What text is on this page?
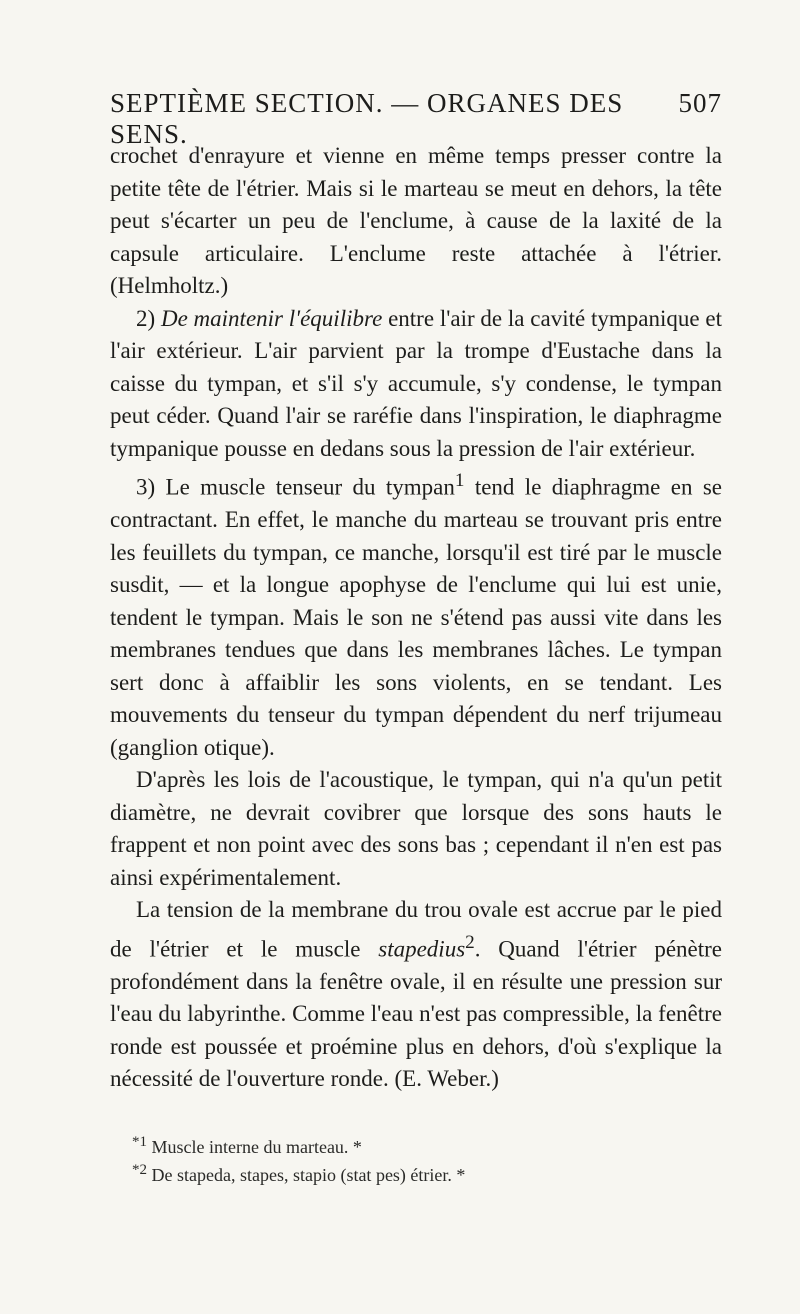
SEPTIÈME SECTION. — ORGANES DES SENS.
507

crochet d'enrayure et vienne en même temps presser contre la petite tête de l'étrier. Mais si le marteau se meut en dehors, la tête peut s'écarter un peu de l'enclume, à cause de la laxité de la capsule articulaire. L'enclume reste attachée à l'étrier. (Helmholtz.)

2) De maintenir l'équilibre entre l'air de la cavité tympanique et l'air extérieur. L'air parvient par la trompe d'Eustache dans la caisse du tympan, et s'il s'y accumule, s'y condense, le tympan peut céder. Quand l'air se raréfie dans l'inspiration, le diaphragme tympanique pousse en dedans sous la pression de l'air extérieur.

3) Le muscle tenseur du tympan$^1$ tend le diaphragme en se contractant. En effet, le manche du marteau se trouvant pris entre les feuillets du tympan, ce manche, lorsqu'il est tiré par le muscle susdit, — et la longue apophyse de l'enclume qui lui est unie, tendent le tympan. Mais le son ne s'étend pas aussi vite dans les membranes tendues que dans les membranes lâches. Le tympan sert donc à affaiblir les sons violents, en se tendant. Les mouvements du tenseur du tympan dépendent du nerf trijumeau (ganglion otique).

D'après les lois de l'acoustique, le tympan, qui n'a qu'un petit diamètre, ne devrait covibrer que lorsque des sons hauts le frappent et non point avec des sons bas ; cependant il n'en est pas ainsi expérimentalement.

La tension de la membrane du trou ovale est accrue par le pied de l'étrier et le muscle stapedius$^2$. Quand l'étrier pénètre profondément dans la fenêtre ovale, il en résulte une pression sur l'eau du labyrinthe. Comme l'eau n'est pas compressible, la fenêtre ronde est poussée et proémine plus en dehors, d'où s'explique la nécessité de l'ouverture ronde. (E. Weber.)

$^{*1}$ Muscle interne du marteau. *
$^{*2}$ De stapeda, stapes, stapio (stat pes) étrier. *
